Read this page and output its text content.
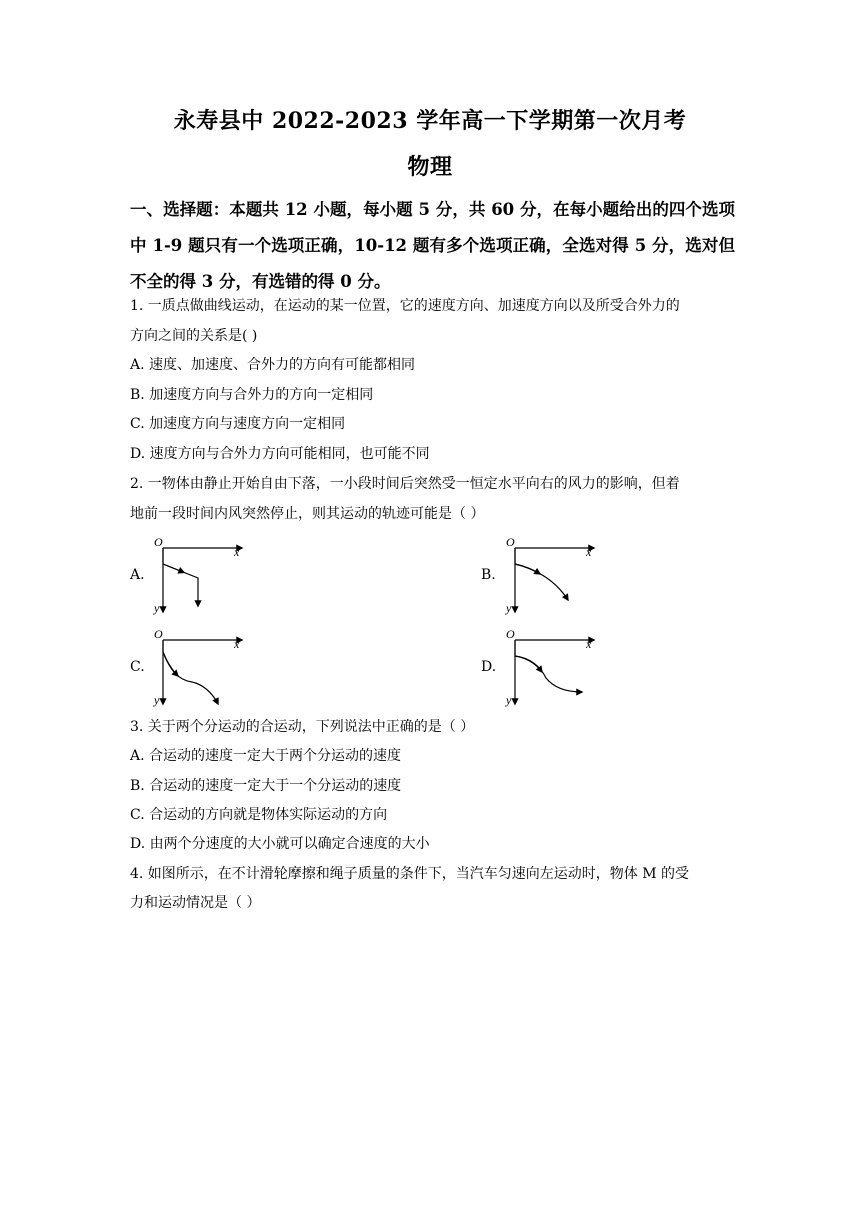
永寿县中 2022-2023 学年高一下学期第一次月考
物理
一、选择题：本题共 12 小题，每小题 5 分，共 60 分，在每小题给出的四个选项中 1-9 题只有一个选项正确，10-12 题有多个选项正确，全选对得 5 分，选对但不全的得 3 分，有选错的得 0 分。
1. 一质点做曲线运动，在运动的某一位置，它的速度方向、加速度方向以及所受合外力的
方向之间的关系是( )
A. 速度、加速度、合外力的方向有可能都相同
B. 加速度方向与合外力的方向一定相同
C. 加速度方向与速度方向一定相同
D. 速度方向与合外力方向可能相同，也可能不同
2. 一物体由静止开始自由下落，一小段时间后突然受一恒定水平向右的风力的影响，但着
地前一段时间内风突然停止，则其运动的轨迹可能是（ ）
A.	B.
C.	D.
O
x
y
O
x
y
O
x
y
O
x
y
3. 关于两个分运动的合运动，下列说法中正确的是（ ）
A. 合运动的速度一定大于两个分运动的速度
B. 合运动的速度一定大于一个分运动的速度
C. 合运动的方向就是物体实际运动的方向
D. 由两个分速度的大小就可以确定合速度的大小
4. 如图所示，在不计滑轮摩擦和绳子质量的条件下，当汽车匀速向左运动时，物体 M 的受
力和运动情况是（ ）
